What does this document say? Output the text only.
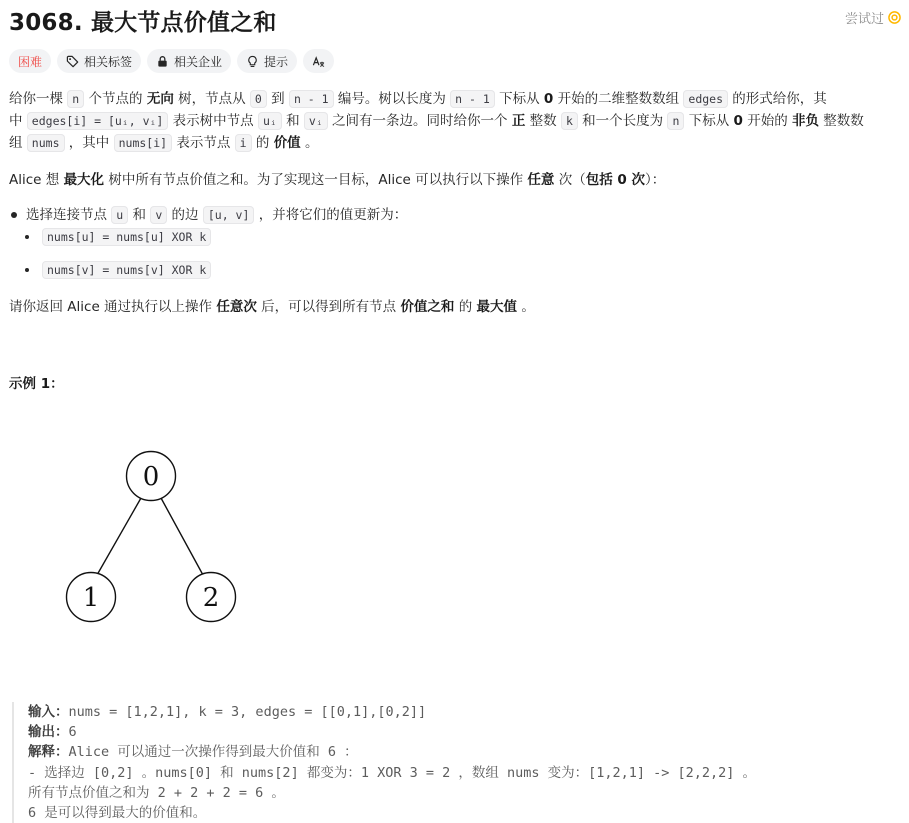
3068. 最大节点价值之和	尝试过
困难	相关标签	相关企业	提示

给你一棵 n 个节点的 无向 树，节点从 0 到 n - 1 编号。树以长度为 n - 1 下标从 0 开始的二维整数数组 edges 的形式给你，其
中 edges[i] = [uᵢ, vᵢ] 表示树中节点 uᵢ 和 vᵢ 之间有一条边。同时给你一个 正 整数 k 和一个长度为 n 下标从 0 开始的 非负 整数数
组 nums ，其中 nums[i] 表示节点 i 的 价值 。

Alice 想 最大化 树中所有节点价值之和。为了实现这一目标，Alice 可以执行以下操作 任意 次（包括 0 次）：

选择连接节点 u 和 v 的边 [u, v] ，并将它们的值更新为：
nums[u] = nums[u] XOR k
nums[v] = nums[v] XOR k

请你返回 Alice 通过执行以上操作 任意次 后，可以得到所有节点 价值之和 的 最大值 。

示例 1：
0
1	2
输入：nums = [1,2,1], k = 3, edges = [[0,1],[0,2]]
输出：6
解释：Alice 可以通过一次操作得到最大价值和 6 ：
- 选择边 [0,2] 。nums[0] 和 nums[2] 都变为：1 XOR 3 = 2 ，数组 nums 变为：[1,2,1] -> [2,2,2] 。
所有节点价值之和为 2 + 2 + 2 = 6 。
6 是可以得到最大的价值和。
